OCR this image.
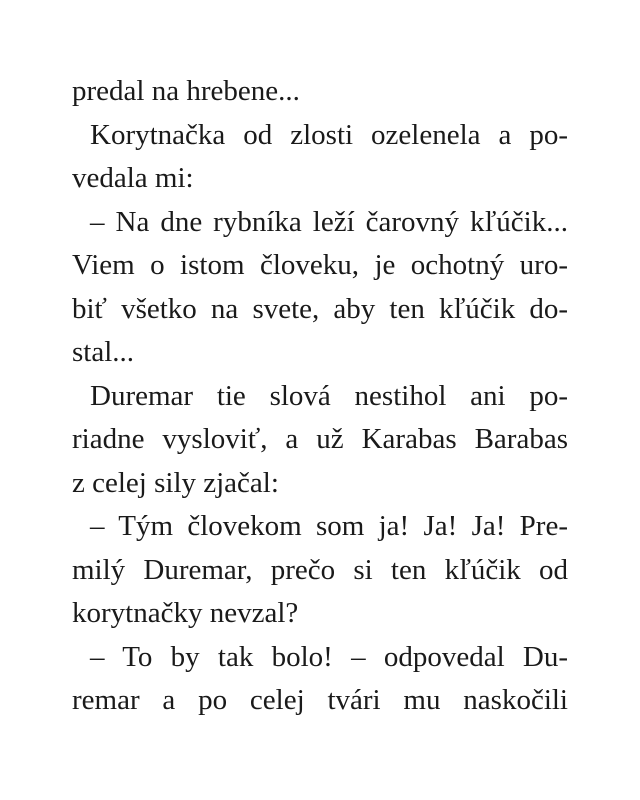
predal na hrebene...
Korytnačka od zlosti ozelenela a po-
vedala mi:
– Na dne rybníka leží čarovný kľúčik...
Viem o istom človeku, je ochotný uro-
biť všetko na svete, aby ten kľúčik do-
stal...
Duremar tie slová nestihol ani po-
riadne vysloviť, a už Karabas Barabas
z celej sily zjačal:
– Tým človekom som ja! Ja! Ja! Pre-
milý Duremar, prečo si ten kľúčik od
korytnačky nevzal?
– To by tak bolo! – odpovedal Du-
remar a po celej tvári mu naskočili
